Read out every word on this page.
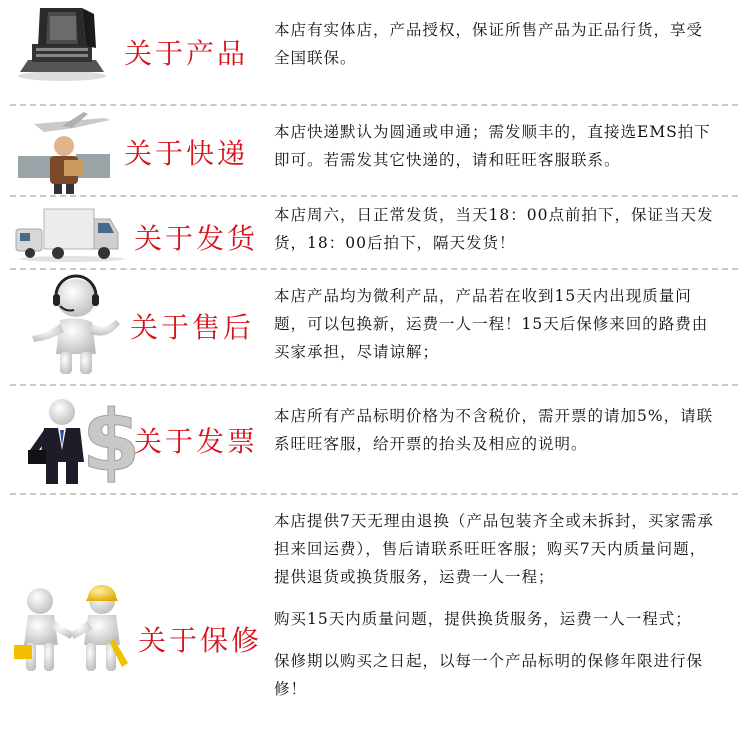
关于产品
本店有实体店，产品授权，保证所售产品为正品行货，享受全国联保。
关于快递
本店快递默认为圆通或申通；需发顺丰的，直接选EMS拍下即可。若需发其它快递的，请和旺旺客服联系。
关于发货
本店周六，日正常发货，当天18：00点前拍下，保证当天发货，18：00后拍下，隔天发货！
关于售后
本店产品均为微利产品，产品若在收到15天内出现质量问题，可以包换新，运费一人一程！15天后保修来回的路费由买家承担，尽请谅解；
$
关于发票
本店所有产品标明价格为不含税价，需开票的请加5%，请联系旺旺客服，给开票的抬头及相应的说明。
关于保修
本店提供7天无理由退换（产品包装齐全或未拆封，买家需承担来回运费），售后请联系旺旺客服；购买7天内质量问题，提供退货或换货服务，运费一人一程；
购买15天内质量问题，提供换货服务，运费一人一程式；
保修期以购买之日起，以每一个产品标明的保修年限进行保修！
